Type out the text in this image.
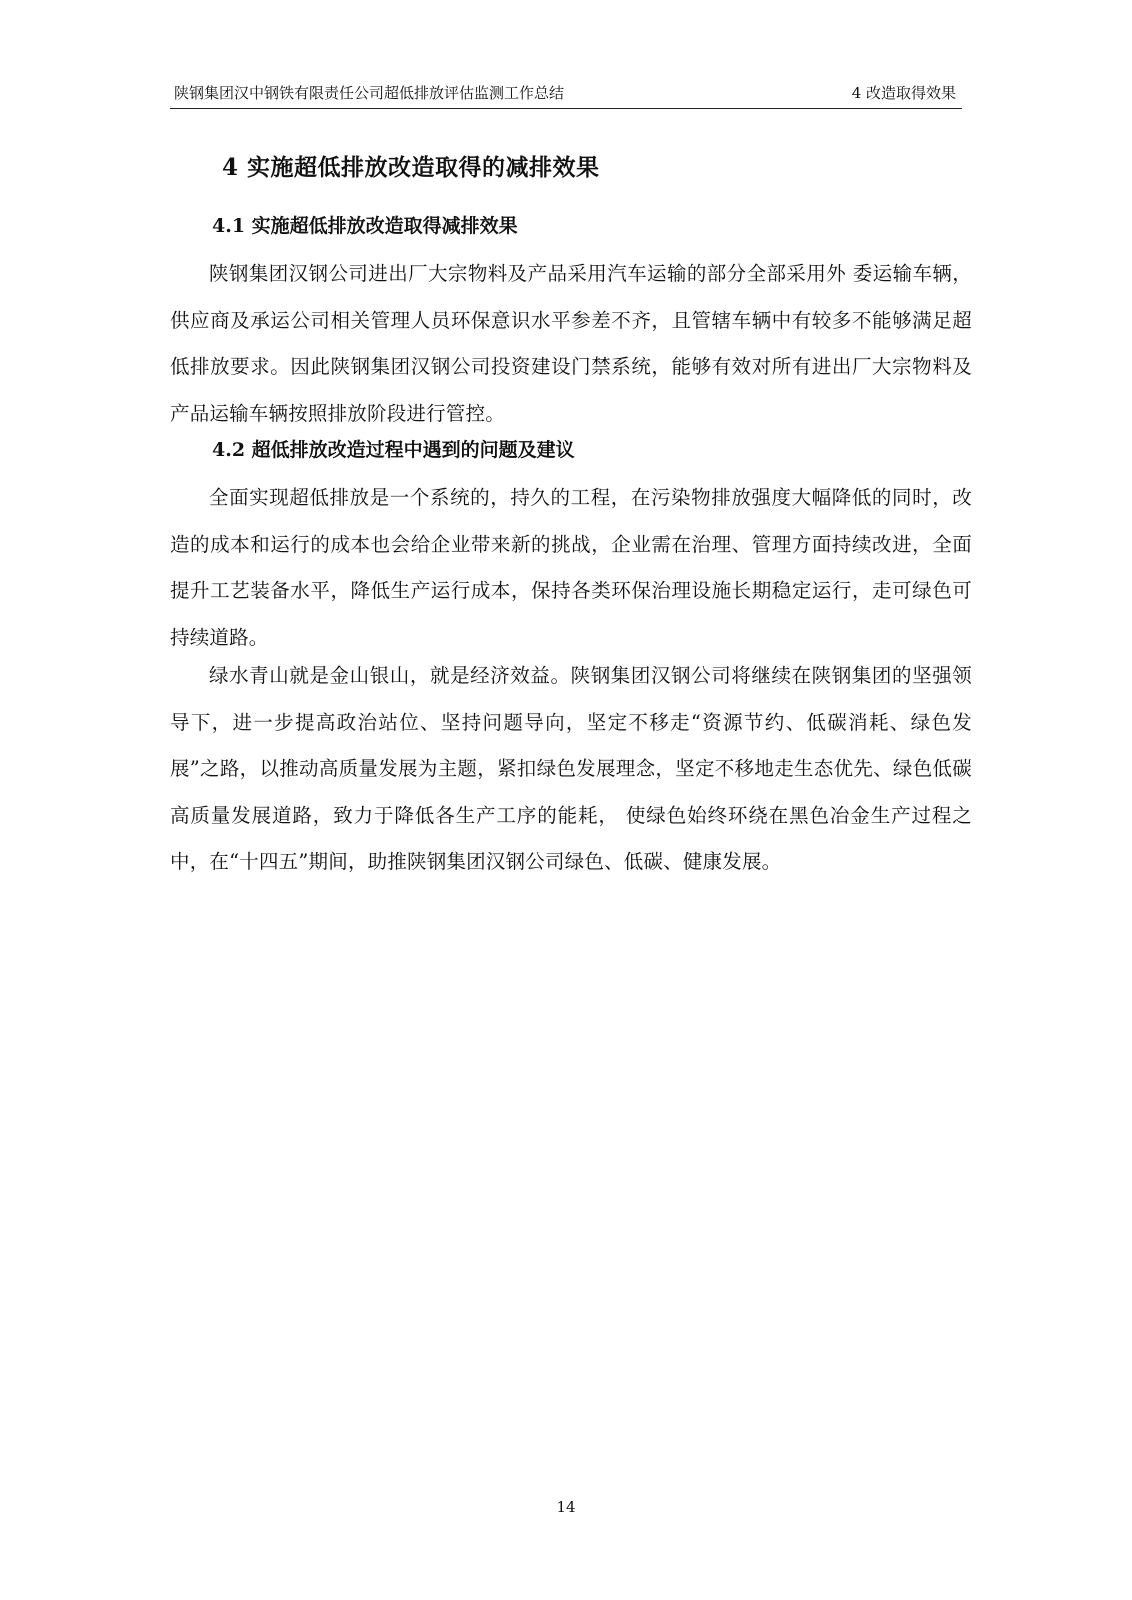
陕钢集团汉中钢铁有限责任公司超低排放评估监测工作总结	4 改造取得效果
4 实施超低排放改造取得的减排效果
4.1 实施超低排放改造取得减排效果

陕钢集团汉钢公司进出厂大宗物料及产品采用汽车运输的部分全部采用外 委运输车辆，供应商及承运公司相关管理人员环保意识水平参差不齐，且管辖车辆中有较多不能够满足超低排放要求。因此陕钢集团汉钢公司投资建设门禁系统，能够有效对所有进出厂大宗物料及产品运输车辆按照排放阶段进行管控。

4.2 超低排放改造过程中遇到的问题及建议

全面实现超低排放是一个系统的，持久的工程，在污染物排放强度大幅降低的同时，改造的成本和运行的成本也会给企业带来新的挑战，企业需在治理、管理方面持续改进，全面提升工艺装备水平，降低生产运行成本，保持各类环保治理设施长期稳定运行，走可绿色可持续道路。

绿水青山就是金山银山，就是经济效益。陕钢集团汉钢公司将继续在陕钢集团的坚强领导下，进一步提高政治站位、坚持问题导向，坚定不移走“资源节约、低碳消耗、绿色发展”之路，以推动高质量发展为主题，紧扣绿色发展理念，坚定不移地走生态优先、绿色低碳高质量发展道路，致力于降低各生产工序的能耗， 使绿色始终环绕在黑色冶金生产过程之中，在“十四五”期间，助推陕钢集团汉钢公司绿色、低碳、健康发展。

14
